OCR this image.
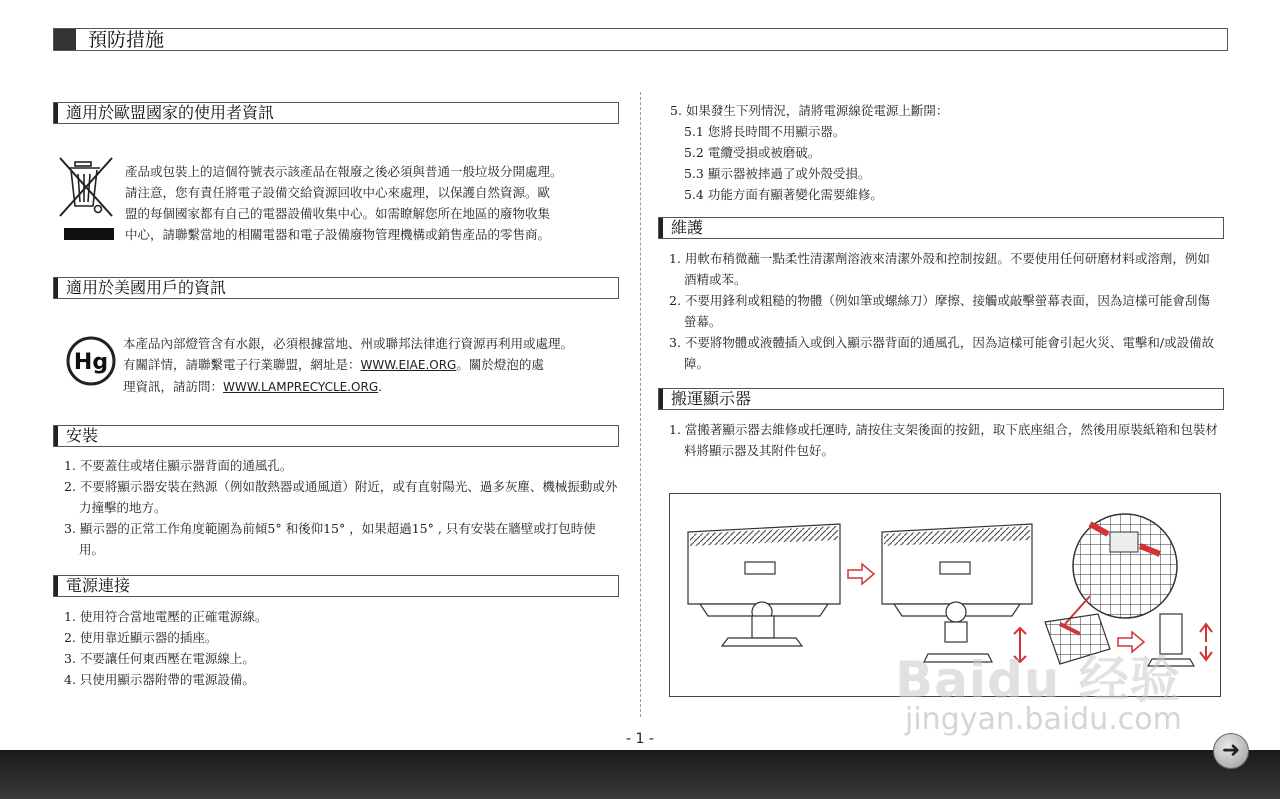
預防措施
適用於歐盟國家的使用者資訊

產品或包裝上的這個符號表示該產品在報廢之後必須與普通一般垃圾分開處理。

請注意，您有責任將電子設備交給資源回收中心來處理，以保護自然資源。歐

盟的每個國家都有自己的電器設備收集中心。如需瞭解您所在地區的廢物收集

中心，請聯繫當地的相關電器和電子設備廢物管理機構或銷售產品的零售商。

適用於美國用戶的資訊
Hg

本產品內部燈管含有水銀，必須根據當地、州或聯邦法律進行資源再利用或處理。

有關詳情，請聯繫電子行業聯盟，網址是：WWW.EIAE.ORG。關於燈泡的處

理資訊，請訪問：WWW.LAMPRECYCLE.ORG.

安裝
1. 不要蓋住或堵住顯示器背面的通風孔。
2. 不要將顯示器安裝在熱源（例如散熱器或通風道）附近，或有直射陽光、過多灰塵、機械振動或外力撞擊的地方。
3. 顯示器的正常工作角度範圍為前傾5° 和後仰15° ，如果超過15° , 只有安裝在牆壁或打包時使用。
電源連接
1. 使用符合當地電壓的正確電源線。
2. 使用靠近顯示器的插座。
3. 不要讓任何東西壓在電源線上。
4. 只使用顯示器附帶的電源設備。
5. 如果發生下列情況，請將電源線從電源上斷開：
5.1 您將長時間不用顯示器。
5.2 電纜受損或被磨破。
5.3 顯示器被摔過了或外殼受損。
5.4 功能方面有顯著變化需要維修。
維護
1. 用軟布稍微蘸一點柔性清潔劑溶液來清潔外殼和控制按鈕。不要使用任何研磨材料或溶劑，例如酒精或苯。
2. 不要用鋒利或粗糙的物體（例如筆或螺絲刀）摩擦、接觸或敲擊螢幕表面，因為這樣可能會刮傷螢幕。
3. 不要將物體或液體插入或倒入顯示器背面的通風孔，因為這樣可能會引起火災、電擊和/或設備故障。
搬運顯示器
1. 當搬著顯示器去維修或托運時, 請按住支架後面的按鈕，取下底座組合，然後用原裝紙箱和包裝材料將顯示器及其附件包好。
Baidu 经验
jingyan.baidu.com
- 1 -	➜
